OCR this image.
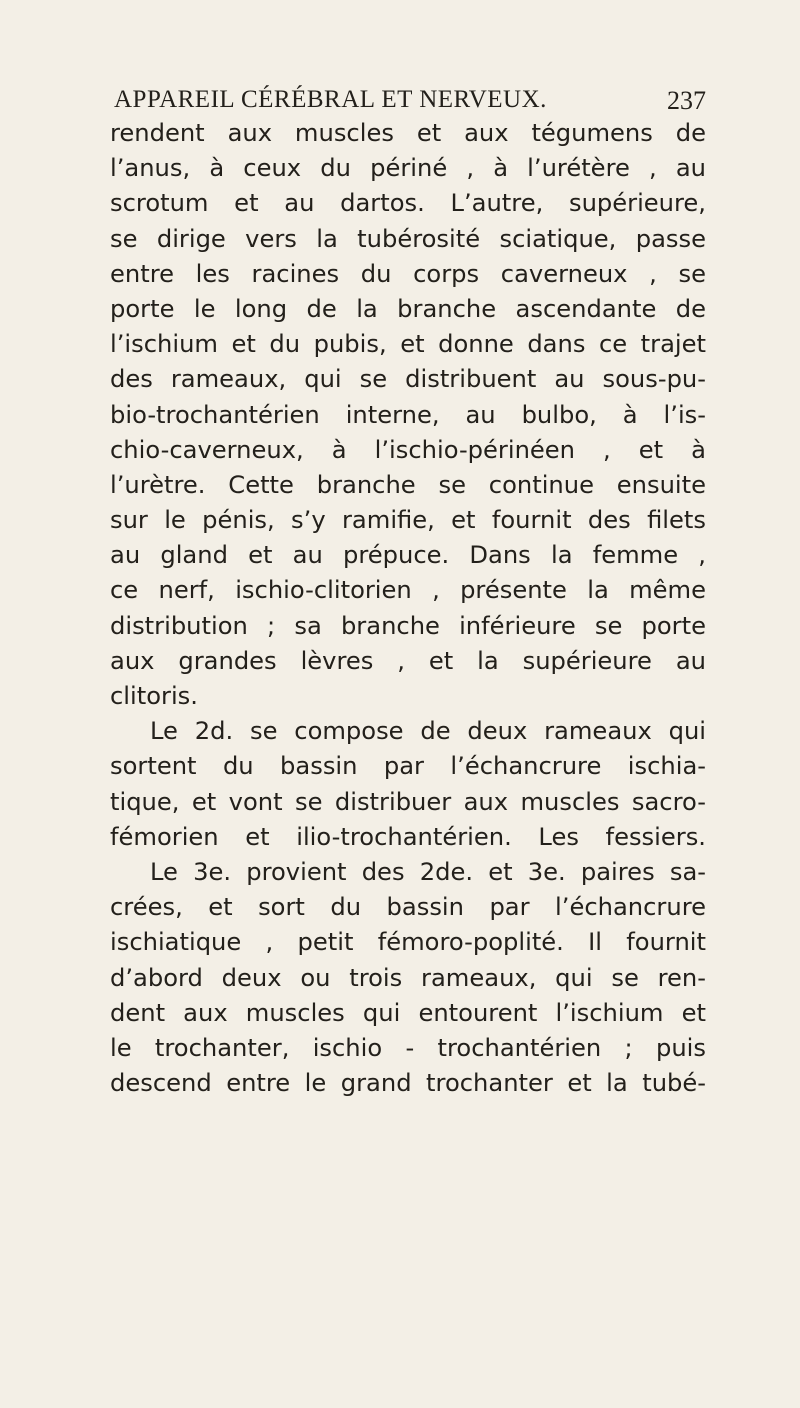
APPAREIL CÉRÉBRAL ET NERVEUX.	237
rendent aux muscles et aux tégumens de
l’anus, à ceux du périné , à l’urétère , au
scrotum et au dartos. L’autre, supérieure,
se dirige vers la tubérosité sciatique, passe
entre les racines du corps caverneux , se
porte le long de la branche ascendante de
l’ischium et du pubis, et donne dans ce trajet
des rameaux, qui se distribuent au sous-pu-
bio-trochantérien interne, au bulbo, à l’is-
chio-caverneux, à l’ischio-périnéen , et à
l’urètre. Cette branche se continue ensuite
sur le pénis, s’y ramifie, et fournit des filets
au gland et au prépuce. Dans la femme ,
ce nerf, ischio-clitorien , présente la même
distribution ; sa branche inférieure se porte
aux grandes lèvres , et la supérieure au
clitoris.
Le 2d. se compose de deux rameaux qui
sortent du bassin par l’échancrure ischia-
tique, et vont se distribuer aux muscles sacro-
fémorien et ilio-trochantérien. Les fessiers.
Le 3e. provient des 2de. et 3e. paires sa-
crées, et sort du bassin par l’échancrure
ischiatique , petit fémoro-poplité. Il fournit
d’abord deux ou trois rameaux, qui se ren-
dent aux muscles qui entourent l’ischium et
le trochanter, ischio - trochantérien ; puis
descend entre le grand trochanter et la tubé-
